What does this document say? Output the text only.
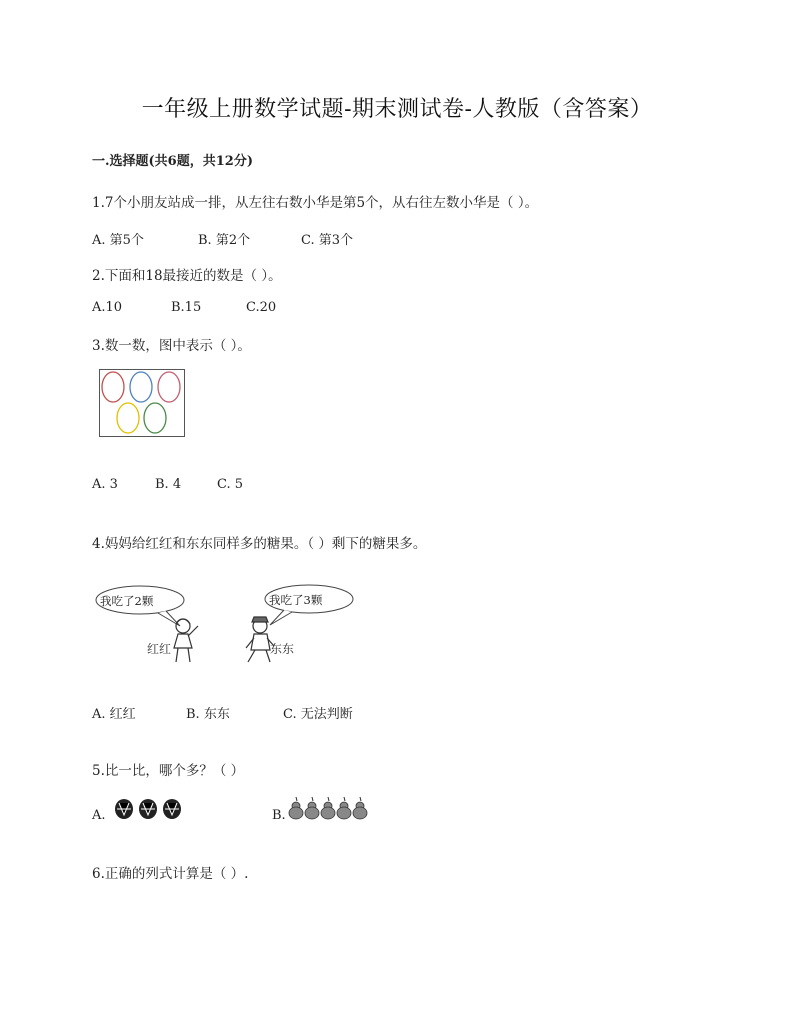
一年级上册数学试题-期末测试卷-人教版（含答案）
一.选择题(共6题，共12分)
1.7个小朋友站成一排，从左往右数小华是第5个，从右往左数小华是（ ）。
A. 第5个	B. 第2个	C. 第3个
2.下面和18最接近的数是（ ）。
A.10	B.15	C.20
3.数一数，图中表示（ ）。
A. 3	B. 4	C. 5
4.妈妈给红红和东东同样多的糖果。（ ）剩下的糖果多。
我吃了2颗	我吃了3颗
红红	东东
A. 红红	B. 东东	C. 无法判断
5.比一比，哪个多？（ ）
A.	B.
6.正确的列式计算是（ ）.
